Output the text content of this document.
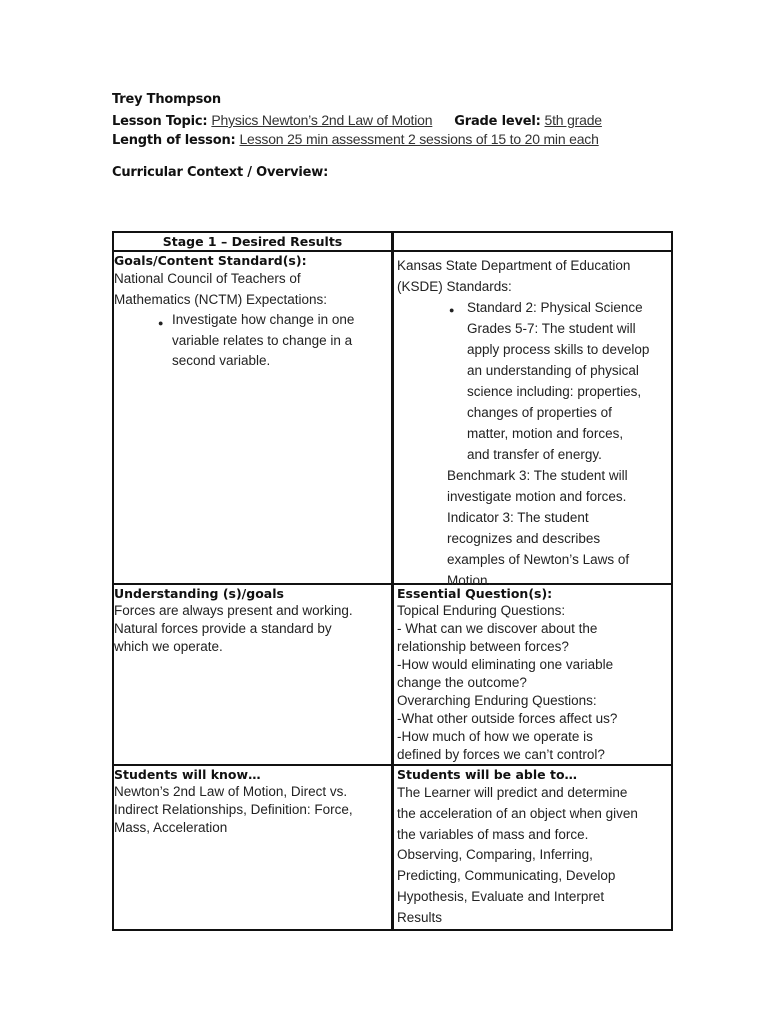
Trey Thompson
Lesson Topic: Physics Newton’s 2nd Law of Motion Grade level: 5th grade
Length of lesson: Lesson 25 min assessment 2 sessions of 15 to 20 min each
Curricular Context / Overview:
Stage 1 – Desired Results
Goals/Content Standard(s):
National Council of Teachers of
Mathematics (NCTM) Expectations:
● Investigate how change in one
variable relates to change in a
second variable.
Kansas State Department of Education
(KSDE) Standards:
● Standard 2: Physical Science
Grades 5-7: The student will
apply process skills to develop
an understanding of physical
science including: properties,
changes of properties of
matter, motion and forces,
and transfer of energy.
Benchmark 3: The student will
investigate motion and forces.
Indicator 3: The student
recognizes and describes
examples of Newton’s Laws of
Motion.
Understanding (s)/goals
Forces are always present and working.
Natural forces provide a standard by
which we operate.
Essential Question(s):
Topical Enduring Questions:
- What can we discover about the
relationship between forces?
-How would eliminating one variable
change the outcome?
Overarching Enduring Questions:
-What other outside forces affect us?
-How much of how we operate is
defined by forces we can’t control?
Students will know…
Newton’s 2nd Law of Motion, Direct vs.
Indirect Relationships, Definition: Force,
Mass, Acceleration
Students will be able to…
The Learner will predict and determine
the acceleration of an object when given
the variables of mass and force.
Observing, Comparing, Inferring,
Predicting, Communicating, Develop
Hypothesis, Evaluate and Interpret
Results
